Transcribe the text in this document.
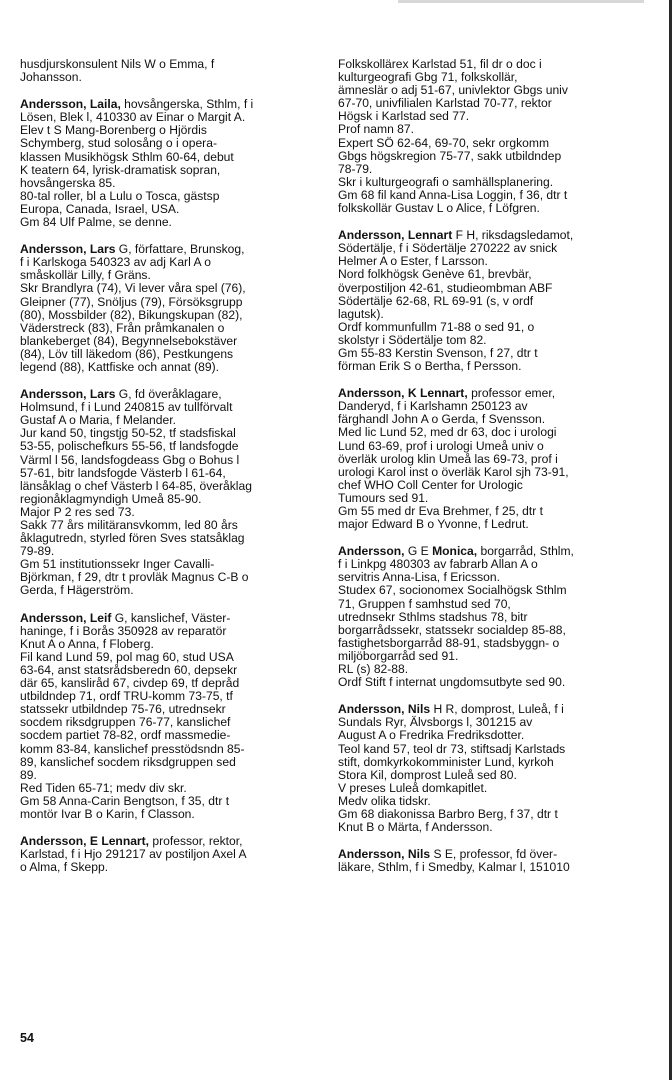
husdjurskonsulent Nils W o Emma, f
Johansson.
Andersson, Laila, hovsångerska, Sthlm, f i
Lösen, Blek l, 410330 av Einar o Margit A.
Elev t S Mang-Borenberg o Hjördis
Schymberg, stud solosång o i opera-
klassen Musikhögsk Sthlm 60-64, debut
K teatern 64, lyrisk-dramatisk sopran,
hovsångerska 85.
80-tal roller, bl a Lulu o Tosca, gästsp
Europa, Canada, Israel, USA.
Gm 84 Ulf Palme, se denne.
Andersson, Lars G, författare, Brunskog,
f i Karlskoga 540323 av adj Karl A o
småskollär Lilly, f Gräns.
Skr Brandlyra (74), Vi lever våra spel (76),
Gleipner (77), Snöljus (79), Försöksgrupp
(80), Mossbilder (82), Bikungskupan (82),
Väderstreck (83), Från pråmkanalen o
blankeberget (84), Begynnelsebokstäver
(84), Löv till läkedom (86), Pestkungens
legend (88), Kattfiske och annat (89).
Andersson, Lars G, fd överåklagare,
Holmsund, f i Lund 240815 av tullförvalt
Gustaf A o Maria, f Melander.
Jur kand 50, tingstjg 50-52, tf stadsfiskal
53-55, polischefkurs 55-56, tf landsfogde
Värml l 56, landsfogdeass Gbg o Bohus l
57-61, bitr landsfogde Västerb l 61-64,
länsåklag o chef Västerb l 64-85, överåklag
regionåklagmyndigh Umeå 85-90.
Major P 2 res sed 73.
Sakk 77 års militäransvkomm, led 80 års
åklagutredn, styrled fören Sves statsåklag
79-89.
Gm 51 institutionssekr Inger Cavalli-
Björkman, f 29, dtr t provläk Magnus C-B o
Gerda, f Hägerström.
Andersson, Leif G, kanslichef, Väster-
haninge, f i Borås 350928 av reparatör
Knut A o Anna, f Floberg.
Fil kand Lund 59, pol mag 60, stud USA
63-64, anst statsrådsberedn 60, depsekr
där 65, kansliråd 67, civdep 69, tf depråd
utbildndep 71, ordf TRU-komm 73-75, tf
statssekr utbildndep 75-76, utrednsekr
socdem riksdgruppen 76-77, kanslichef
socdem partiet 78-82, ordf massmedie-
komm 83-84, kanslichef presstödsndn 85-
89, kanslichef socdem riksdgruppen sed
89.
Red Tiden 65-71; medv div skr.
Gm 58 Anna-Carin Bengtson, f 35, dtr t
montör Ivar B o Karin, f Classon.
Andersson, E Lennart, professor, rektor,
Karlstad, f i Hjo 291217 av postiljon Axel A
o Alma, f Skepp.
Folkskollärex Karlstad 51, fil dr o doc i
kulturgeografi Gbg 71, folkskollär,
ämneslär o adj 51-67, univlektor Gbgs univ
67-70, univfilialen Karlstad 70-77, rektor
Högsk i Karlstad sed 77.
Prof namn 87.
Expert SÖ 62-64, 69-70, sekr orgkomm
Gbgs högskregion 75-77, sakk utbildndep
78-79.
Skr i kulturgeografi o samhällsplanering.
Gm 68 fil kand Anna-Lisa Loggin, f 36, dtr t
folkskollär Gustav L o Alice, f Löfgren.
Andersson, Lennart F H, riksdagsledamot,
Södertälje, f i Södertälje 270222 av snick
Helmer A o Ester, f Larsson.
Nord folkhögsk Genève 61, brevbär,
överpostiljon 42-61, studieombman ABF
Södertälje 62-68, RL 69-91 (s, v ordf
lagutsk).
Ordf kommunfullm 71-88 o sed 91, o
skolstyr i Södertälje tom 82.
Gm 55-83 Kerstin Svenson, f 27, dtr t
förman Erik S o Bertha, f Persson.
Andersson, K Lennart, professor emer,
Danderyd, f i Karlshamn 250123 av
färghandl John A o Gerda, f Svensson.
Med lic Lund 52, med dr 63, doc i urologi
Lund 63-69, prof i urologi Umeå univ o
överläk urolog klin Umeå las 69-73, prof i
urologi Karol inst o överläk Karol sjh 73-91,
chef WHO Coll Center for Urologic
Tumours sed 91.
Gm 55 med dr Eva Brehmer, f 25, dtr t
major Edward B o Yvonne, f Ledrut.
Andersson, G E Monica, borgarråd, Sthlm,
f i Linkpg 480303 av fabrarb Allan A o
servitris Anna-Lisa, f Ericsson.
Studex 67, socionomex Socialhögsk Sthlm
71, Gruppen f samhstud sed 70,
utrednsekr Sthlms stadshus 78, bitr
borgarrådssekr, statssekr socialdep 85-88,
fastighetsborgarråd 88-91, stadsbyggn- o
miljöborgarråd sed 91.
RL (s) 82-88.
Ordf Stift f internat ungdomsutbyte sed 90.
Andersson, Nils H R, domprost, Luleå, f i
Sundals Ryr, Älvsborgs l, 301215 av
August A o Fredrika Fredriksdotter.
Teol kand 57, teol dr 73, stiftsadj Karlstads
stift, domkyrkokomminister Lund, kyrkoh
Stora Kil, domprost Luleå sed 80.
V preses Luleå domkapitlet.
Medv olika tidskr.
Gm 68 diakonissa Barbro Berg, f 37, dtr t
Knut B o Märta, f Andersson.
Andersson, Nils S E, professor, fd över-
läkare, Sthlm, f i Smedby, Kalmar l, 151010
54
